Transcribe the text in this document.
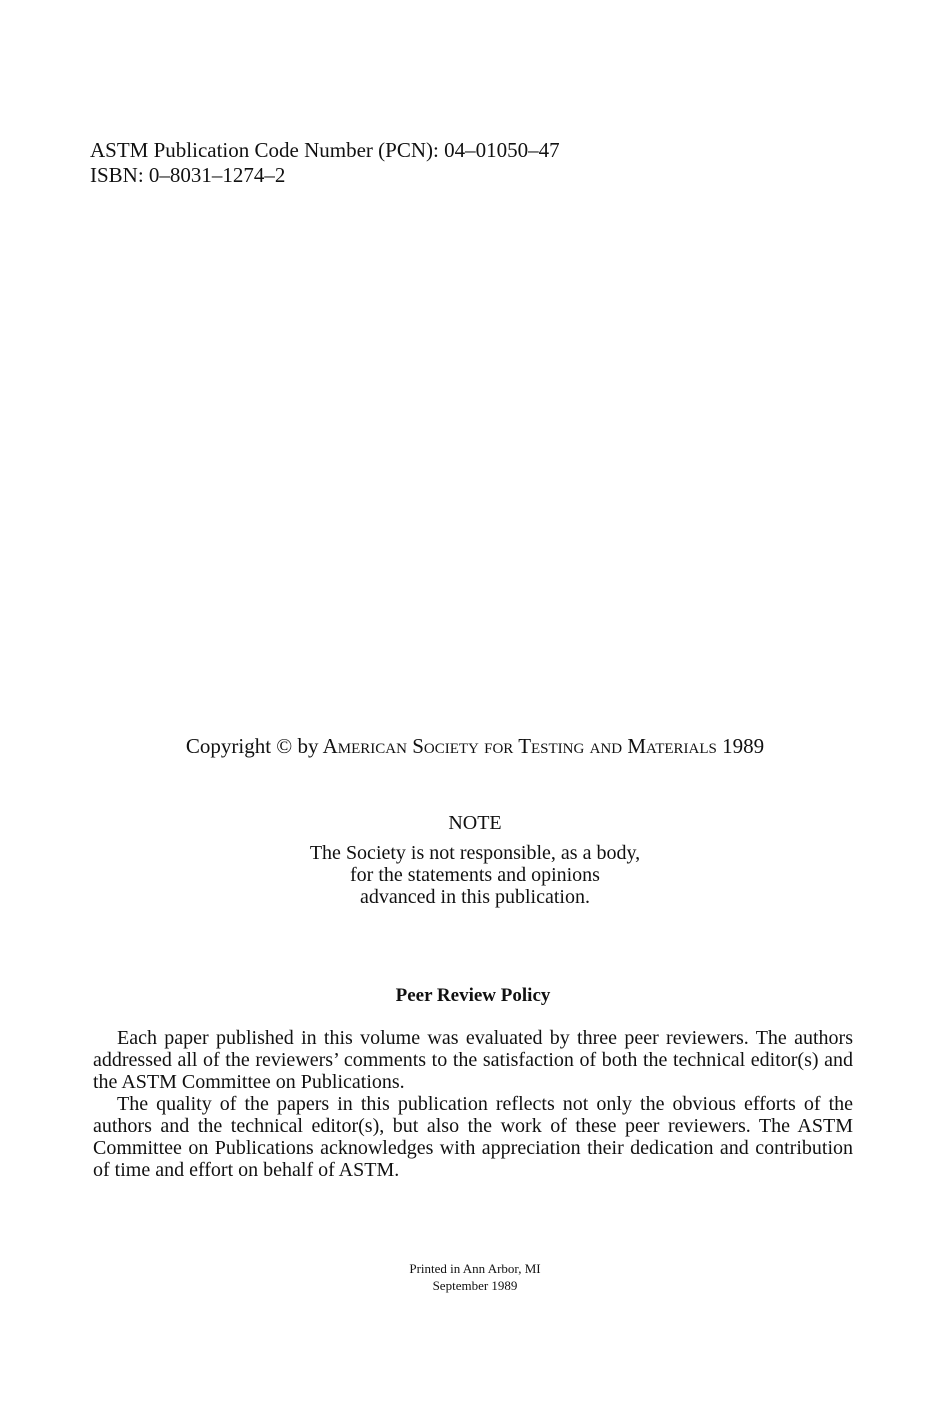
ASTM Publication Code Number (PCN): 04–01050–47
ISBN: 0–8031–1274–2
Copyright © by American Society for Testing and Materials 1989
NOTE
The Society is not responsible, as a body,
for the statements and opinions
advanced in this publication.
Peer Review Policy

Each paper published in this volume was evaluated by three peer reviewers. The authors addressed all of the reviewers’ comments to the satisfaction of both the technical editor(s) and the ASTM Committee on Publications.

The quality of the papers in this publication reflects not only the obvious efforts of the authors and the technical editor(s), but also the work of these peer reviewers. The ASTM Committee on Publications acknowledges with appreciation their dedication and contribution of time and effort on behalf of ASTM.

Printed in Ann Arbor, MI
September 1989
